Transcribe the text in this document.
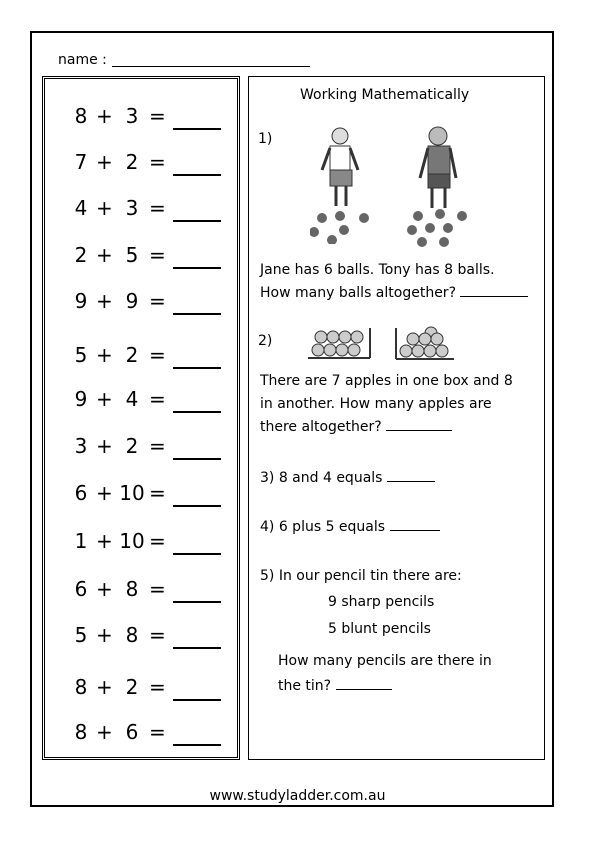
name :
8 + 3 =
7 + 2 =
4 + 3 =
2 + 5 =
9 + 9 =
5 + 2 =
9 + 4 =
3 + 2 =
6 + 10 =
1 + 10 =
6 + 8 =
5 + 8 =
8 + 2 =
8 + 6 =
Working Mathematically
1)
Jane has 6 balls. Tony has 8 balls.
How many balls altogether?
2)
There are 7 apples in one box and 8
in another. How many apples are
there altogether?
3) 8 and 4 equals
4) 6 plus 5 equals
5) In our pencil tin there are:
9 sharp pencils
5 blunt pencils
How many pencils are there in
the tin?
www.studyladder.com.au
